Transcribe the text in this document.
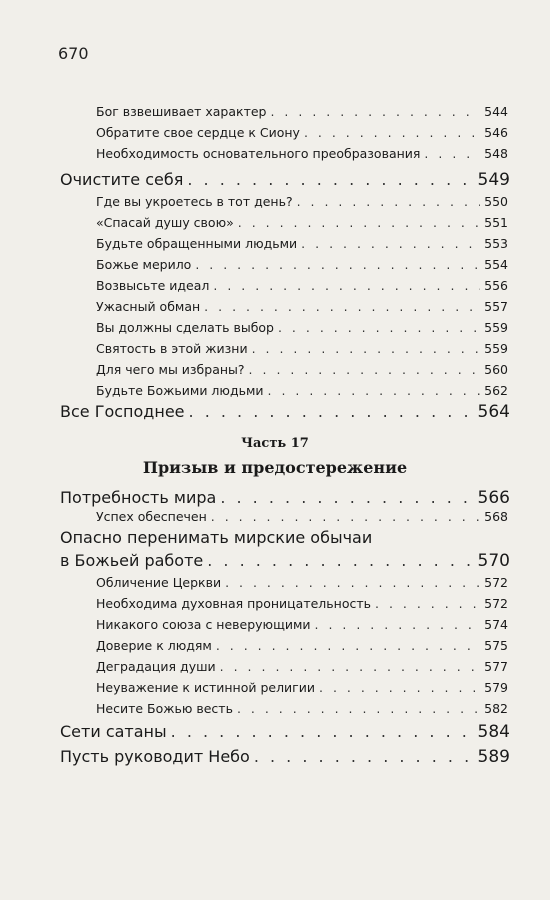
670
Бог взвешивает характер . . .	544
Обратите свое сердце к Сиону . . .	546
Необходимость основательного преобразования . . .	548
Очистите себя . . .	549
Где вы укроетесь в тот день? . . .	550
«Спасай душу свою» . . .	551
Будьте обращенными людьми . . .	553
Божье мерило . . .	554
Возвысьте идеал . . .	556
Ужасный обман . . .	557
Вы должны сделать выбор . . .	559
Святость в этой жизни . . .	559
Для чего мы избраны? . . .	560
Будьте Божьими людьми . . .	562
Все Господнее . . .	564
Часть 17
Призыв и предостережение
Потребность мира . . .	566
Успех обеспечен . . .	568
Опасно перенимать мирские обычаи
в Божьей работе . . .	570
Обличение Церкви . . .	572
Необходима духовная проницательность . . .	572
Никакого союза с неверующими . . .	574
Доверие к людям . . .	575
Деградация души . . .	577
Неуважение к истинной религии . . .	579
Несите Божью весть . . .	582
Сети сатаны . . .	584
Пусть руководит Небо . . .	589
